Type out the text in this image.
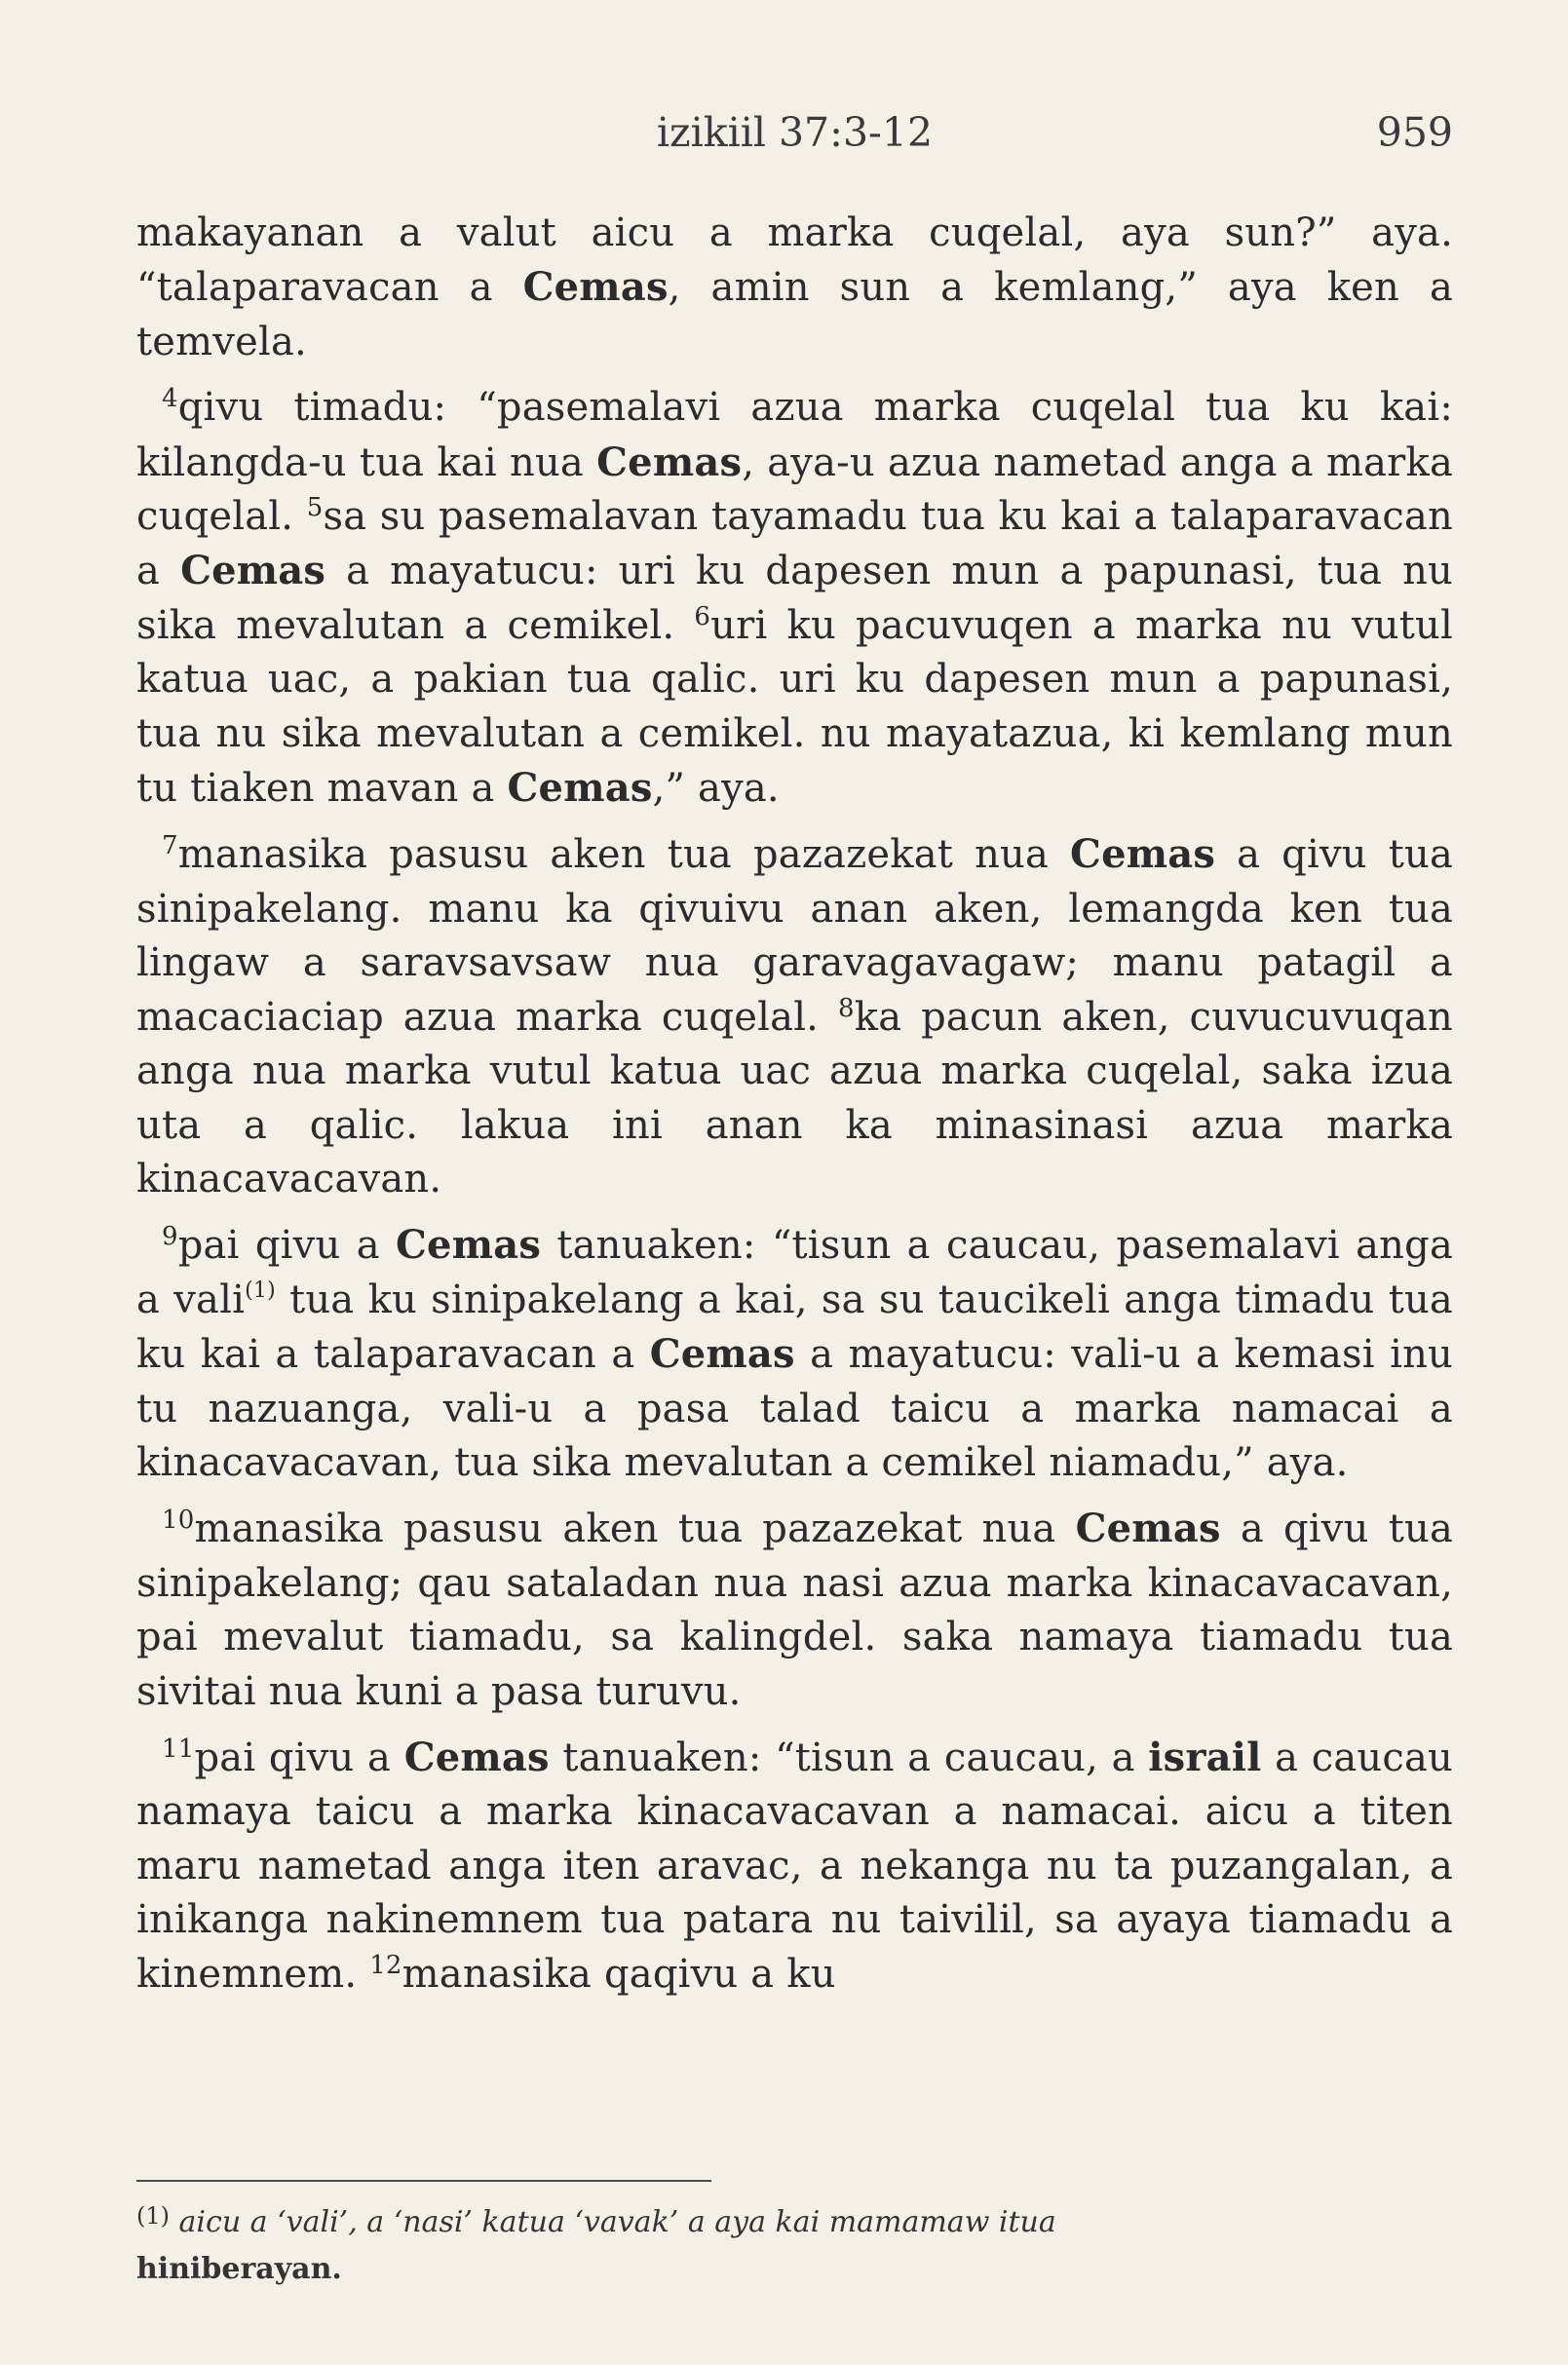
izikiil 37:3-12	959

makayanan a valut aicu a marka cuqelal, aya sun?” aya. “talaparavacan a Cemas, amin sun a kemlang,” aya ken a temvela.

$^4$qivu timadu: “pasemalavi azua marka cuqelal tua ku kai: kilangda-u tua kai nua Cemas, aya-u azua nametad anga a marka cuqelal. $^5$sa su pasemalavan tayamadu tua ku kai a talaparavacan a Cemas a mayatucu: uri ku dapesen mun a papunasi, tua nu sika mevalutan a cemikel. $^6$uri ku pacuvuqen a marka nu vutul katua uac, a pakian tua qalic. uri ku dapesen mun a papunasi, tua nu sika mevalutan a cemikel. nu mayatazua, ki kemlang mun tu tiaken mavan a Cemas,” aya.

$^7$manasika pasusu aken tua pazazekat nua Cemas a qivu tua sinipakelang. manu ka qivuivu anan aken, lemangda ken tua lingaw a saravsavsaw nua garavagavagaw; manu patagil a macaciaciap azua marka cuqelal. $^8$ka pacun aken, cuvucuvuqan anga nua marka vutul katua uac azua marka cuqelal, saka izua uta a qalic. lakua ini anan ka minasinasi azua marka kinacavacavan.

$^9$pai qivu a Cemas tanuaken: “tisun a caucau, pasemalavi anga a vali$^{(1)}$ tua ku sinipakelang a kai, sa su taucikeli anga timadu tua ku kai a talaparavacan a Cemas a mayatucu: vali-u a kemasi inu tu nazuanga, vali-u a pasa talad taicu a marka namacai a kinacavacavan, tua sika mevalutan a cemikel niamadu,” aya.

$^{10}$manasika pasusu aken tua pazazekat nua Cemas a qivu tua sinipakelang; qau sataladan nua nasi azua marka kinacavacavan, pai mevalut tiamadu, sa kalingdel. saka namaya tiamadu tua sivitai nua kuni a pasa turuvu.

$^{11}$pai qivu a Cemas tanuaken: “tisun a caucau, a israil a caucau namaya taicu a marka kinacavacavan a namacai. aicu a titen maru nametad anga iten aravac, a nekanga nu ta puzangalan, a inikanga nakinemnem tua patara nu taivilil, sa ayaya tiamadu a kinemnem. $^{12}$manasika qaqivu a ku

$^{(1)}$ aicu a ‘vali’, a ‘nasi’ katua ‘vavak’ a aya kai mamamaw itua
hiniberayan.
